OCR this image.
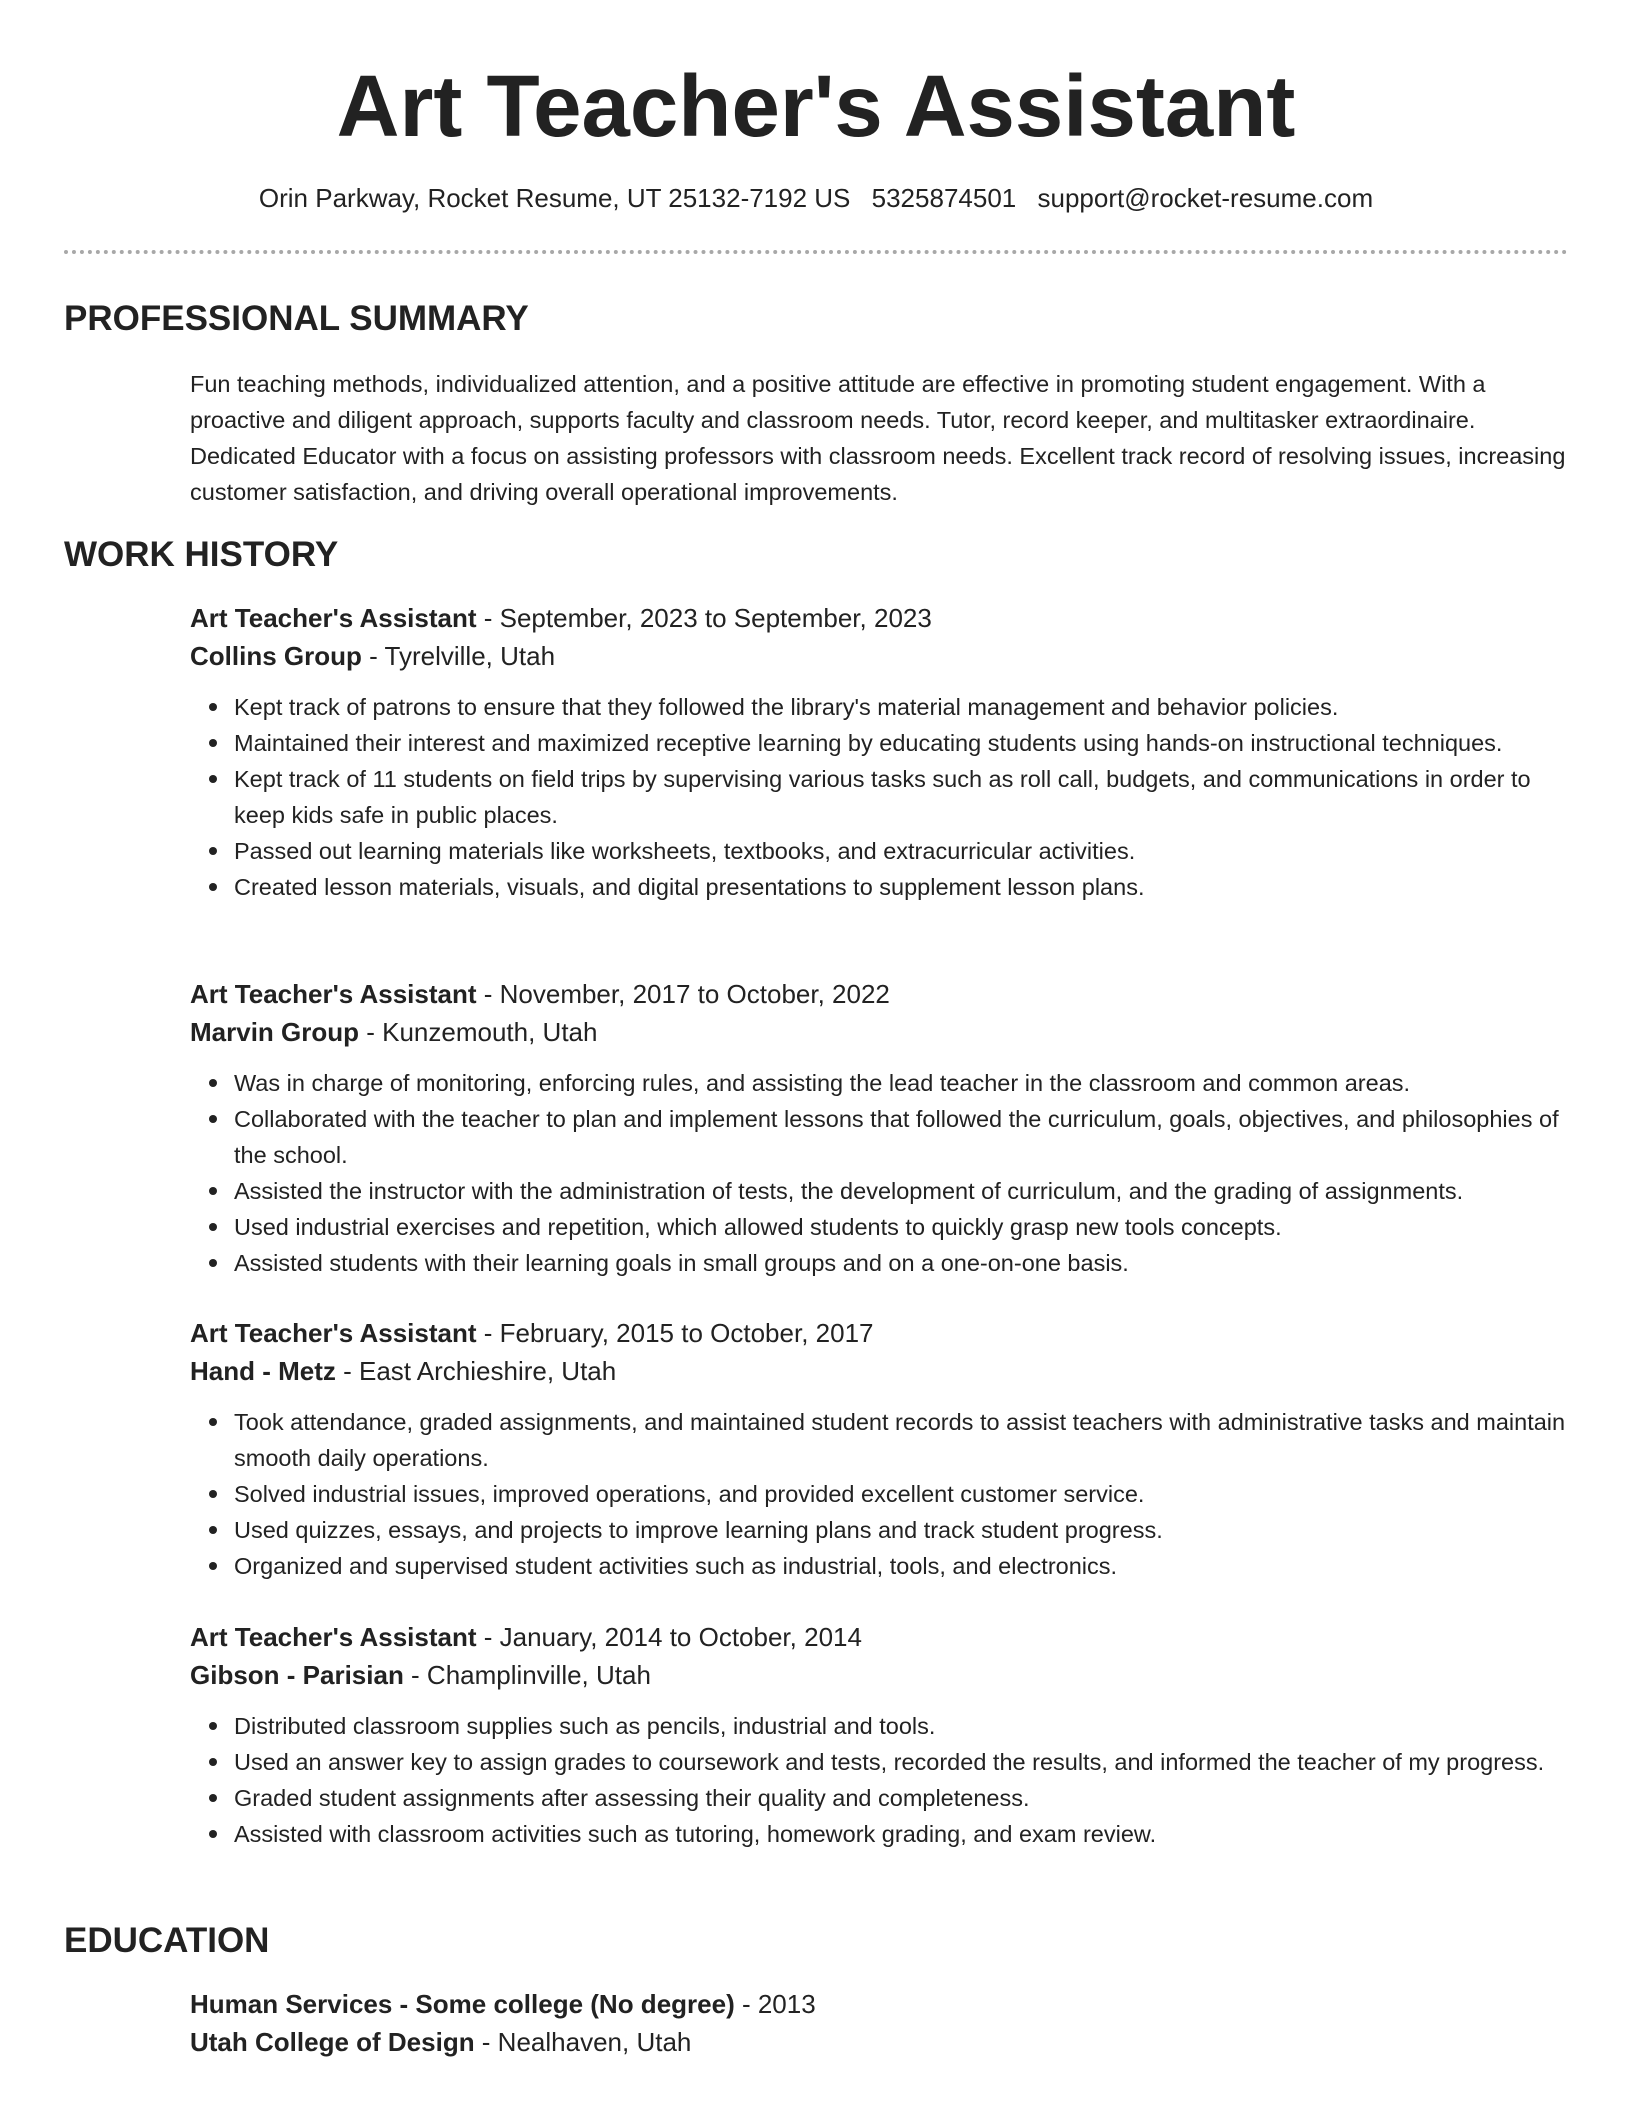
Art Teacher's Assistant
Orin Parkway, Rocket Resume, UT 25132-7192 US 5325874501 support@rocket-resume.com
PROFESSIONAL SUMMARY

Fun teaching methods, individualized attention, and a positive attitude are effective in promoting student engagement. With a proactive and diligent approach, supports faculty and classroom needs. Tutor, record keeper, and multitasker extraordinaire. Dedicated Educator with a focus on assisting professors with classroom needs. Excellent track record of resolving issues, increasing customer satisfaction, and driving overall operational improvements.

WORK HISTORY
Art Teacher's Assistant - September, 2023 to September, 2023
Collins Group - Tyrelville, Utah
Kept track of patrons to ensure that they followed the library's material management and behavior policies.
Maintained their interest and maximized receptive learning by educating students using hands-on instructional techniques.
Kept track of 11 students on field trips by supervising various tasks such as roll call, budgets, and communications in order to keep kids safe in public places.
Passed out learning materials like worksheets, textbooks, and extracurricular activities.
Created lesson materials, visuals, and digital presentations to supplement lesson plans.
Art Teacher's Assistant - November, 2017 to October, 2022
Marvin Group - Kunzemouth, Utah
Was in charge of monitoring, enforcing rules, and assisting the lead teacher in the classroom and common areas.
Collaborated with the teacher to plan and implement lessons that followed the curriculum, goals, objectives, and philosophies of the school.
Assisted the instructor with the administration of tests, the development of curriculum, and the grading of assignments.
Used industrial exercises and repetition, which allowed students to quickly grasp new tools concepts.
Assisted students with their learning goals in small groups and on a one-on-one basis.
Art Teacher's Assistant - February, 2015 to October, 2017
Hand - Metz - East Archieshire, Utah
Took attendance, graded assignments, and maintained student records to assist teachers with administrative tasks and maintain smooth daily operations.
Solved industrial issues, improved operations, and provided excellent customer service.
Used quizzes, essays, and projects to improve learning plans and track student progress.
Organized and supervised student activities such as industrial, tools, and electronics.
Art Teacher's Assistant - January, 2014 to October, 2014
Gibson - Parisian - Champlinville, Utah
Distributed classroom supplies such as pencils, industrial and tools.
Used an answer key to assign grades to coursework and tests, recorded the results, and informed the teacher of my progress.
Graded student assignments after assessing their quality and completeness.
Assisted with classroom activities such as tutoring, homework grading, and exam review.
EDUCATION
Human Services - Some college (No degree) - 2013
Utah College of Design - Nealhaven, Utah
